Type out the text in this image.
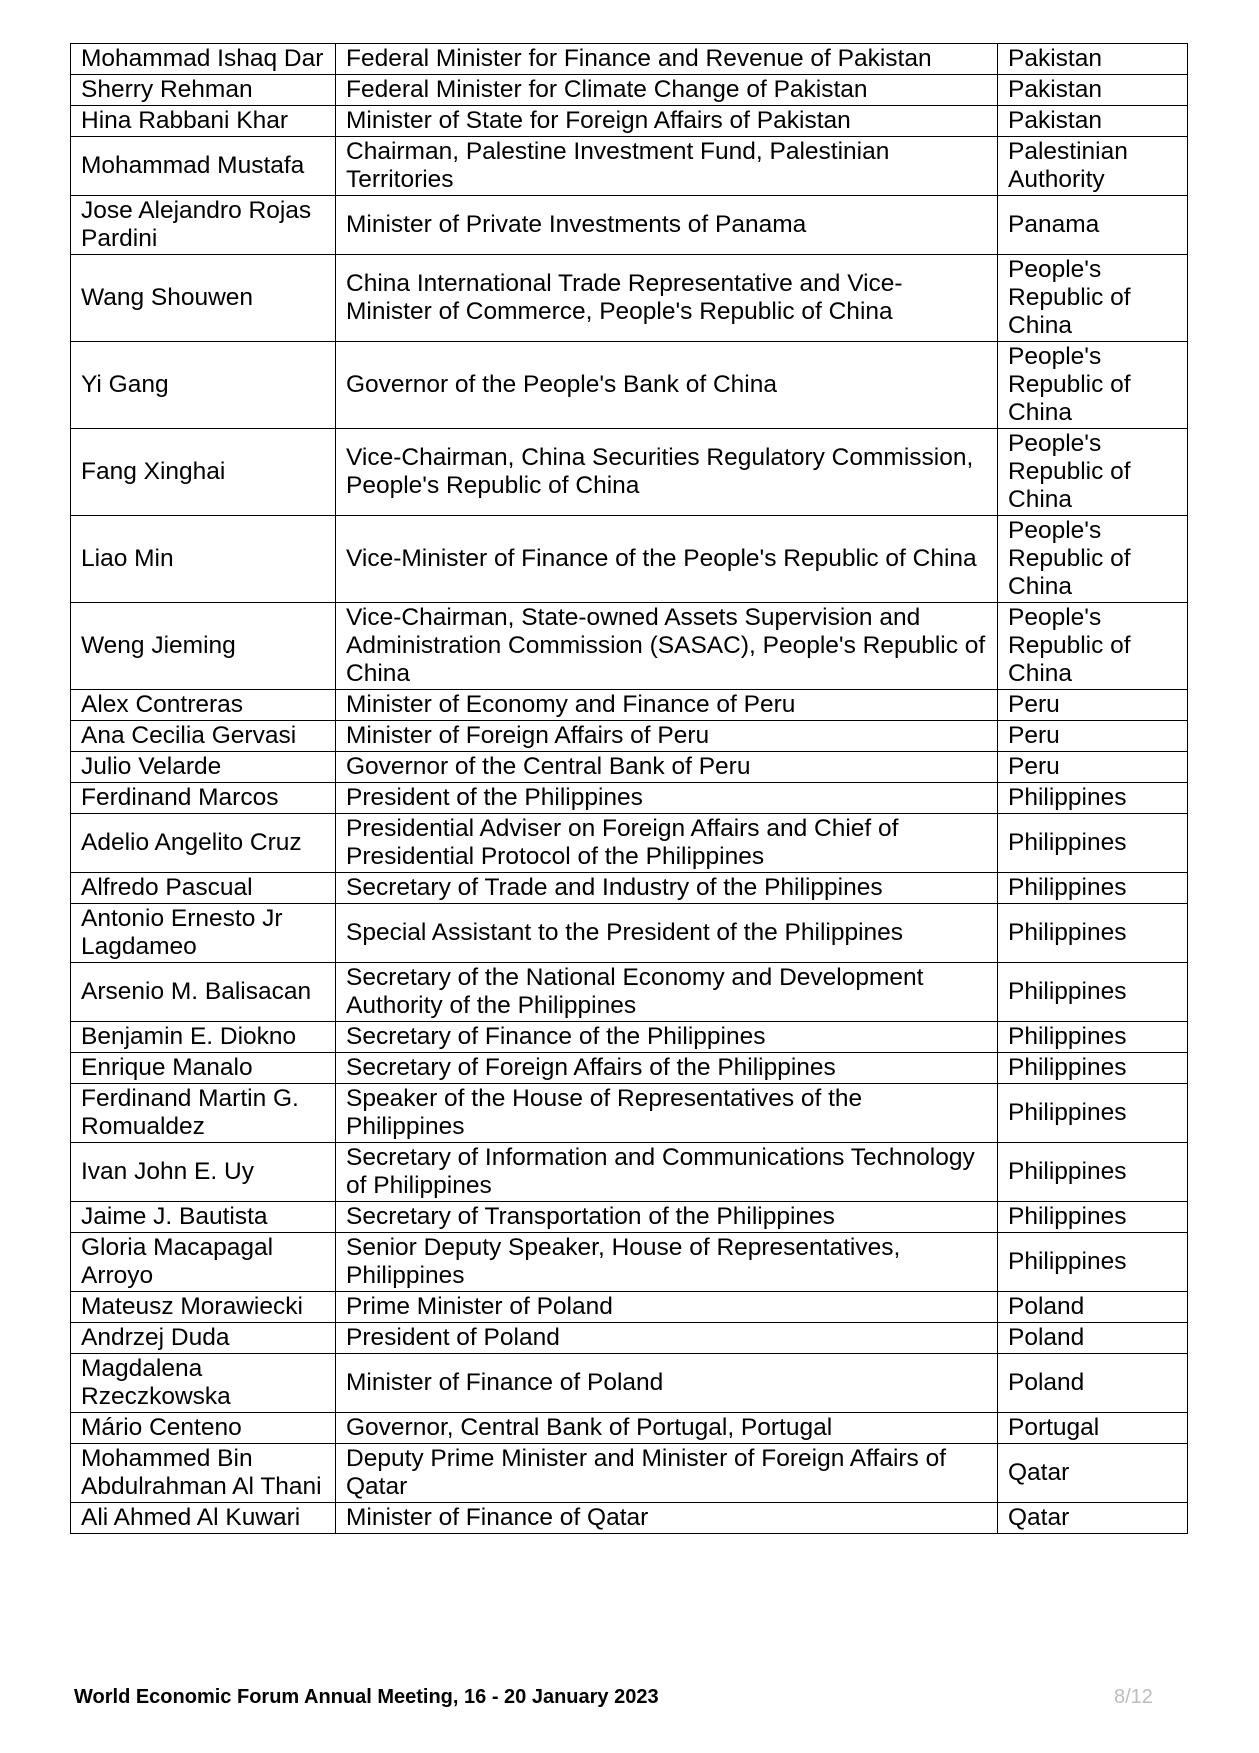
Mohammad Ishaq Dar	Federal Minister for Finance and Revenue of Pakistan	Pakistan
Sherry Rehman	Federal Minister for Climate Change of Pakistan	Pakistan
Hina Rabbani Khar	Minister of State for Foreign Affairs of Pakistan	Pakistan
Mohammad Mustafa	Chairman, Palestine Investment Fund, Palestinian Territories	Palestinian Authority
Jose Alejandro Rojas Pardini	Minister of Private Investments of Panama	Panama
Wang Shouwen	China International Trade Representative and Vice-Minister of Commerce, People's Republic of China	People's Republic of China
Yi Gang	Governor of the People's Bank of China	People's Republic of China
Fang Xinghai	Vice-Chairman, China Securities Regulatory Commission, People's Republic of China	People's Republic of China
Liao Min	Vice-Minister of Finance of the People's Republic of China	People's Republic of China
Weng Jieming	Vice-Chairman, State-owned Assets Supervision and Administration Commission (SASAC), People's Republic of China	People's Republic of China
Alex Contreras	Minister of Economy and Finance of Peru	Peru
Ana Cecilia Gervasi	Minister of Foreign Affairs of Peru	Peru
Julio Velarde	Governor of the Central Bank of Peru	Peru
Ferdinand Marcos	President of the Philippines	Philippines
Adelio Angelito Cruz	Presidential Adviser on Foreign Affairs and Chief of Presidential Protocol of the Philippines	Philippines
Alfredo Pascual	Secretary of Trade and Industry of the Philippines	Philippines
Antonio Ernesto Jr Lagdameo	Special Assistant to the President of the Philippines	Philippines
Arsenio M. Balisacan	Secretary of the National Economy and Development Authority of the Philippines	Philippines
Benjamin E. Diokno	Secretary of Finance of the Philippines	Philippines
Enrique Manalo	Secretary of Foreign Affairs of the Philippines	Philippines
Ferdinand Martin G. Romualdez	Speaker of the House of Representatives of the Philippines	Philippines
Ivan John E. Uy	Secretary of Information and Communications Technology of Philippines	Philippines
Jaime J. Bautista	Secretary of Transportation of the Philippines	Philippines
Gloria Macapagal Arroyo	Senior Deputy Speaker, House of Representatives, Philippines	Philippines
Mateusz Morawiecki	Prime Minister of Poland	Poland
Andrzej Duda	President of Poland	Poland
Magdalena Rzeczkowska	Minister of Finance of Poland	Poland
Mário Centeno	Governor, Central Bank of Portugal, Portugal	Portugal
Mohammed Bin Abdulrahman Al Thani	Deputy Prime Minister and Minister of Foreign Affairs of Qatar	Qatar
Ali Ahmed Al Kuwari	Minister of Finance of Qatar	Qatar
World Economic Forum Annual Meeting, 16 - 20 January 2023	8/12
